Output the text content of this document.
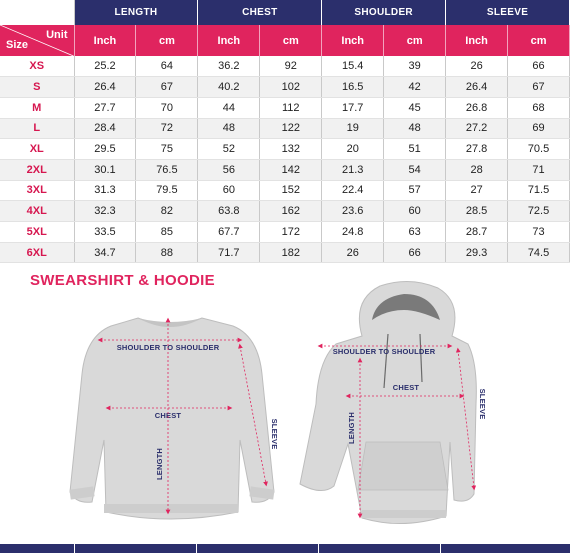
	LENGTH		CHEST		SHOULDER		SLEEVE	

Unit
Size	Inch	cm	Inch	cm	Inch	cm	Inch	cm
XS	25.2	64	36.2	92	15.4	39	26	66
S	26.4	67	40.2	102	16.5	42	26.4	67
M	27.7	70	44	112	17.7	45	26.8	68
L	28.4	72	48	122	19	48	27.2	69
XL	29.5	75	52	132	20	51	27.8	70.5
2XL	30.1	76.5	56	142	21.3	54	28	71
3XL	31.3	79.5	60	152	22.4	57	27	71.5
4XL	32.3	82	63.8	162	23.6	60	28.5	72.5
5XL	33.5	85	67.7	172	24.8	63	28.7	73
6XL	34.7	88	71.7	182	26	66	29.3	74.5
SWEARSHIRT & HOODIE
SHOULDER TO SHOULDER
CHEST
LENGTH
SLEEVE
SHOULDER TO SHOULDER
CHEST
LENGTH
SLEEVE
